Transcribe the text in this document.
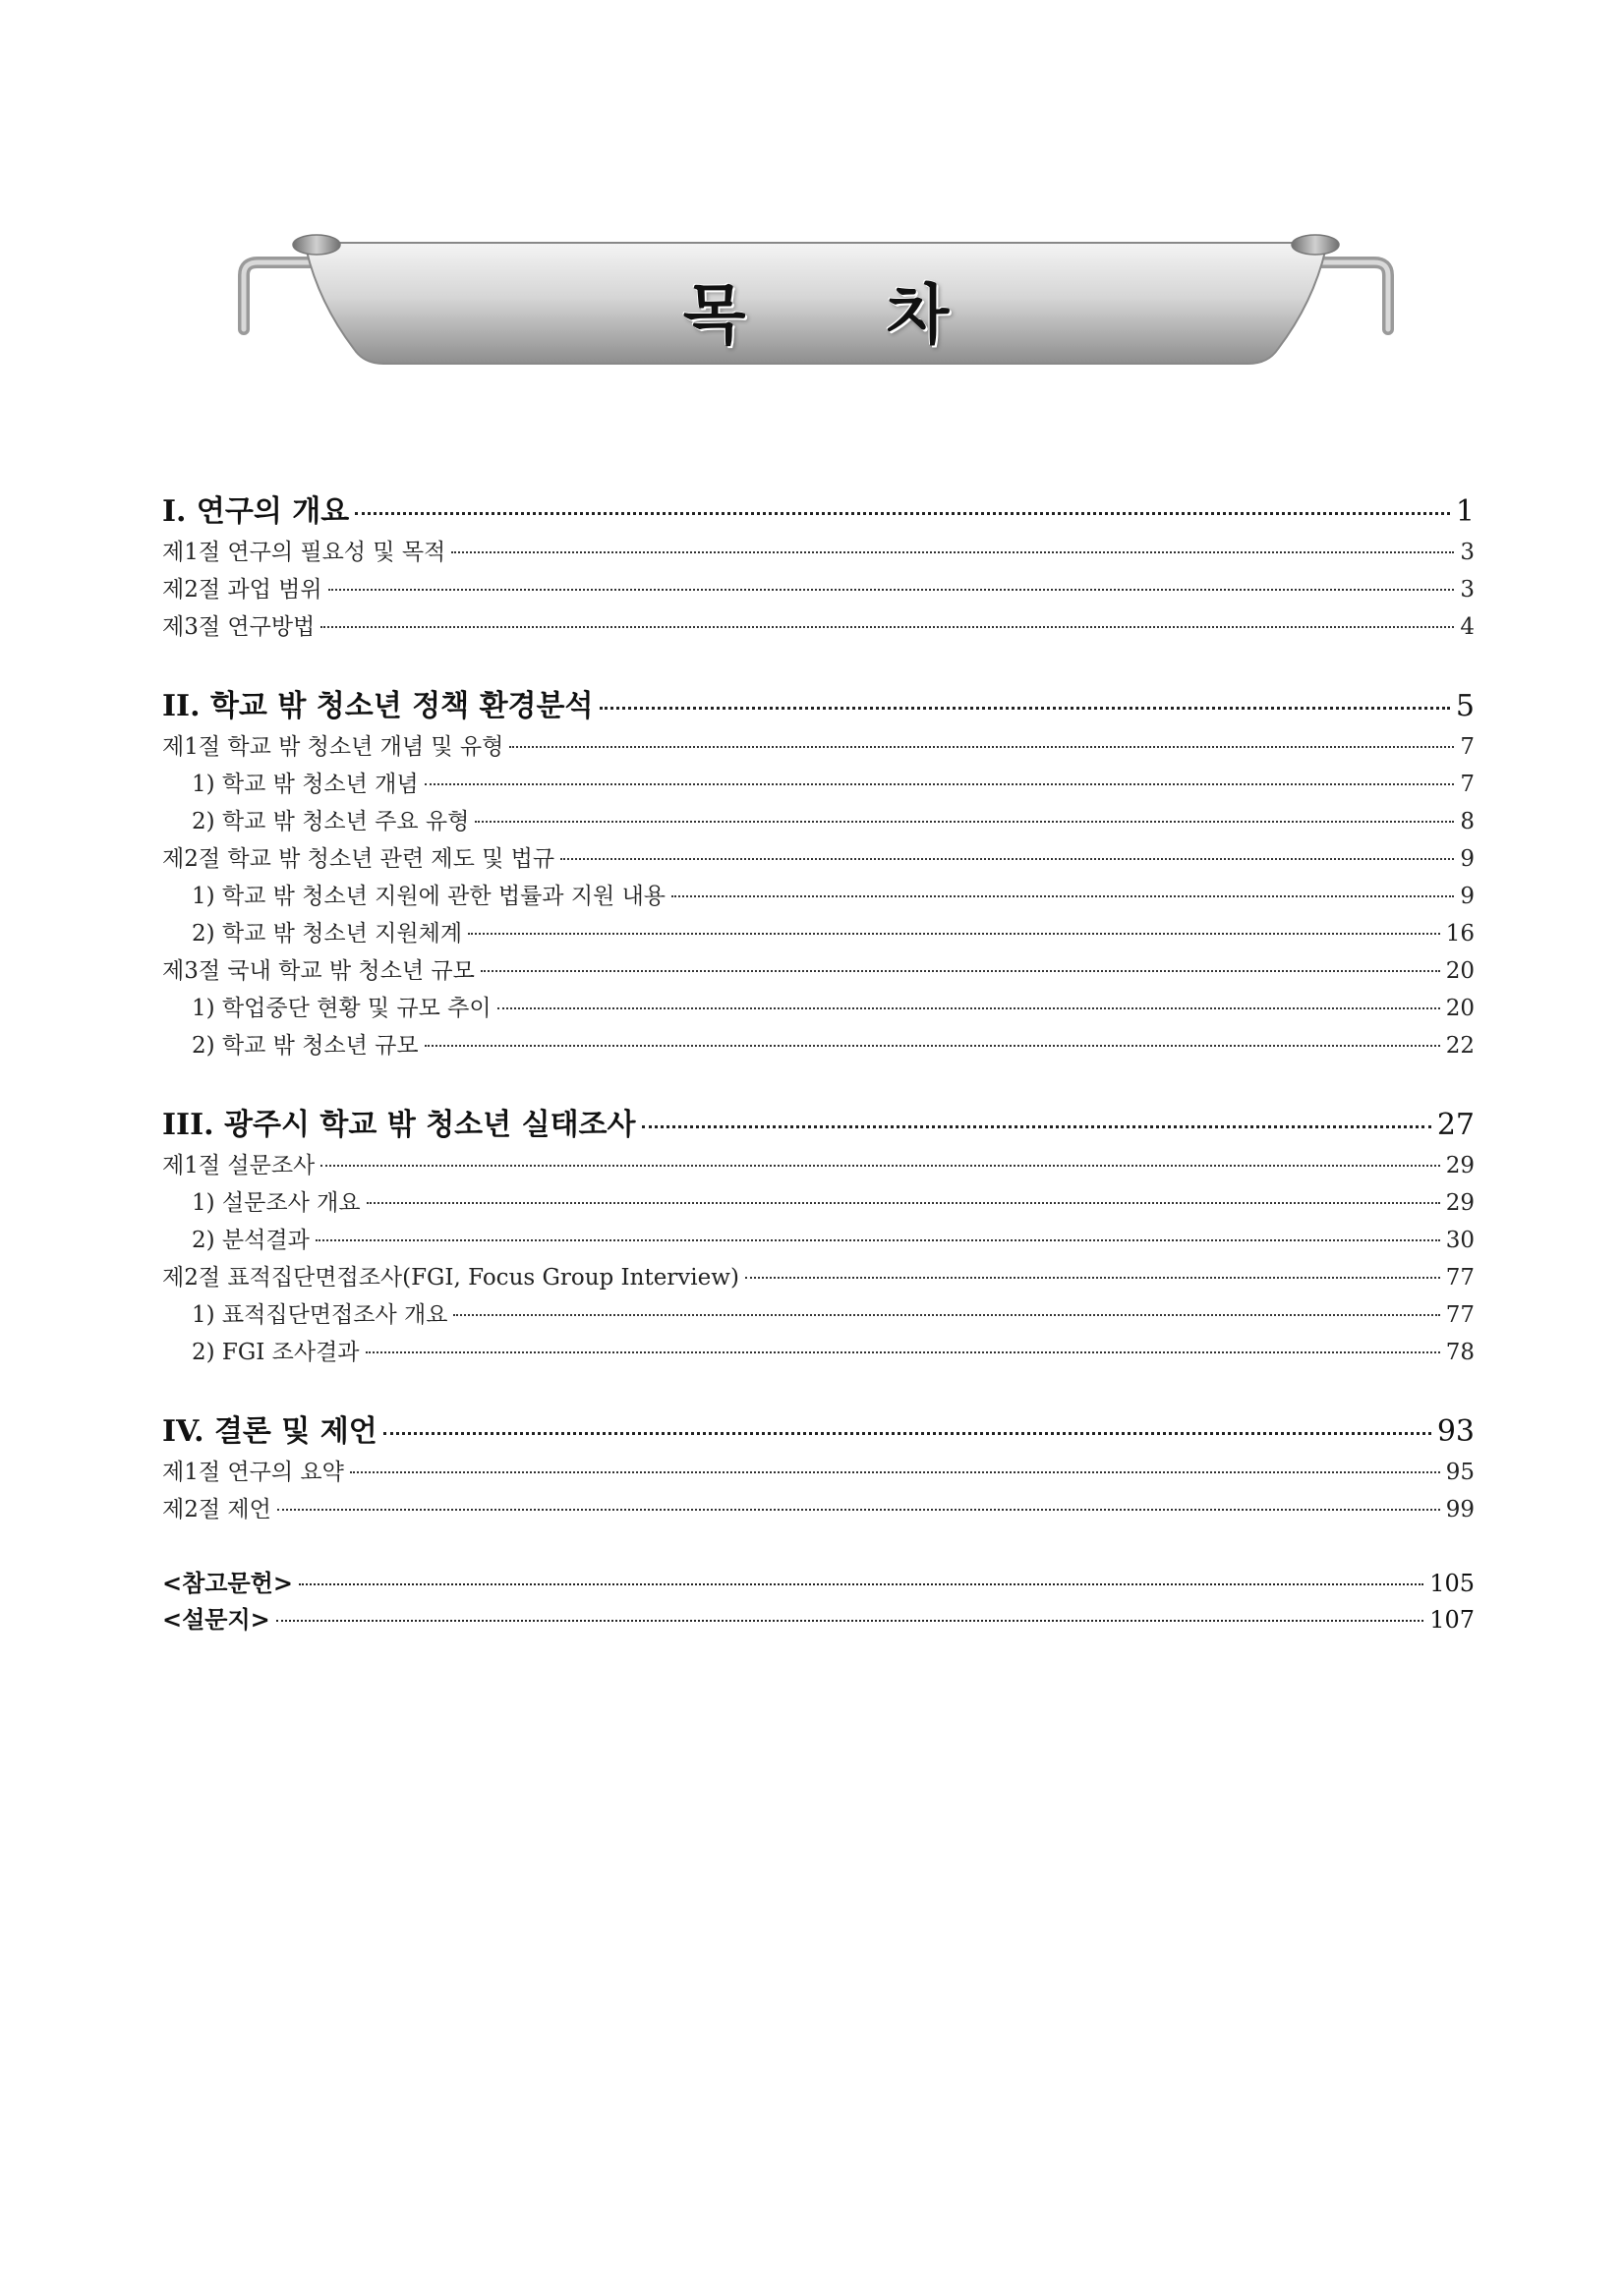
목 차
I. 연구의 개요	1
제1절 연구의 필요성 및 목적	3
제2절 과업 범위	3
제3절 연구방법	4
II. 학교 밖 청소년 정책 환경분석	5
제1절 학교 밖 청소년 개념 및 유형	7
1) 학교 밖 청소년 개념	7
2) 학교 밖 청소년 주요 유형	8
제2절 학교 밖 청소년 관련 제도 및 법규	9
1) 학교 밖 청소년 지원에 관한 법률과 지원 내용	9
2) 학교 밖 청소년 지원체계	16
제3절 국내 학교 밖 청소년 규모	20
1) 학업중단 현황 및 규모 추이	20
2) 학교 밖 청소년 규모	22
III. 광주시 학교 밖 청소년 실태조사	27
제1절 설문조사	29
1) 설문조사 개요	29
2) 분석결과	30
제2절 표적집단면접조사(FGI, Focus Group Interview)	77
1) 표적집단면접조사 개요	77
2) FGI 조사결과	78
IV. 결론 및 제언	93
제1절 연구의 요약	95
제2절 제언	99
<참고문헌>	105
<설문지>	107
